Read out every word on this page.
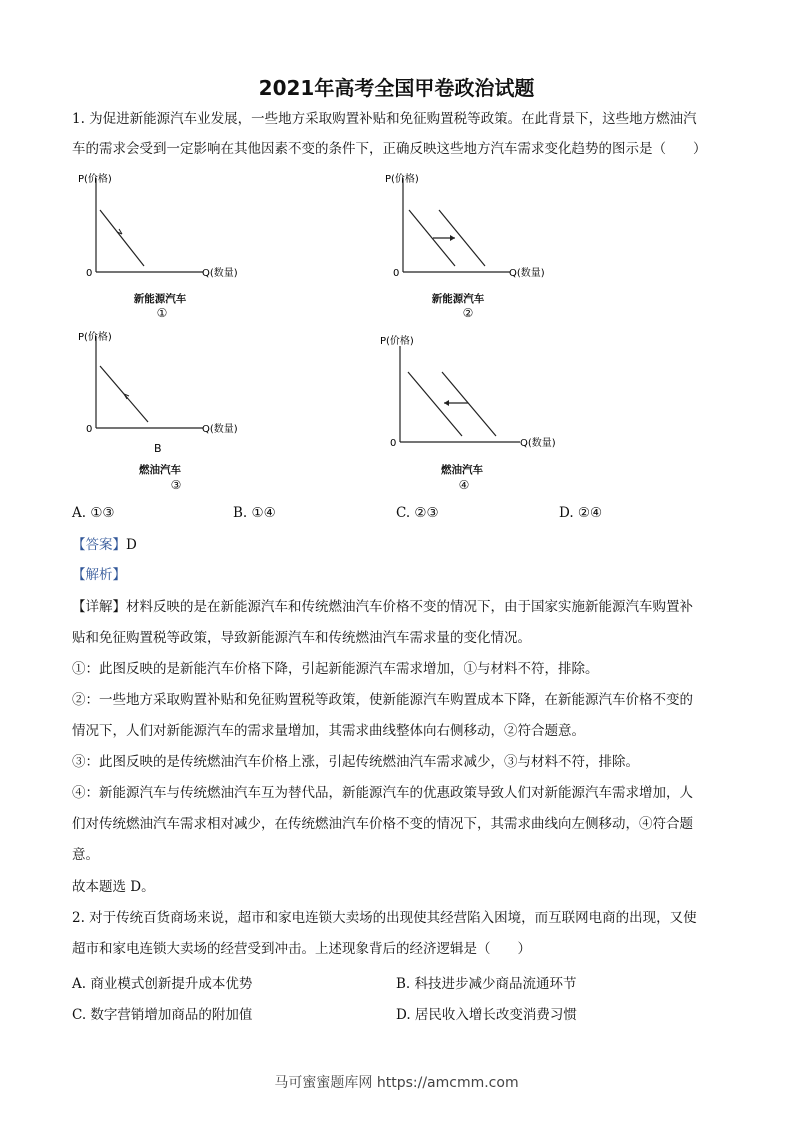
2021年高考全国甲卷政治试题
1. 为促进新能源汽车业发展，一些地方采取购置补贴和免征购置税等政策。在此背景下，这些地方燃油汽
车的需求会受到一定影响在其他因素不变的条件下，正确反映这些地方汽车需求变化趋势的图示是（　　）
P(价格)
0	Q(数量)
新能源汽车
①
P(价格)
0	Q(数量)
新能源汽车
②
P(价格)
0	Q(数量)
B
燃油汽车
③
P(价格)
0	Q(数量)
燃油汽车
④
A. ①③	B. ①④	C. ②③	D. ②④
【答案】D
【解析】
【详解】材料反映的是在新能源汽车和传统燃油汽车价格不变的情况下，由于国家实施新能源汽车购置补
贴和免征购置税等政策，导致新能源汽车和传统燃油汽车需求量的变化情况。
①：此图反映的是新能汽车价格下降，引起新能源汽车需求增加，①与材料不符，排除。
②：一些地方采取购置补贴和免征购置税等政策，使新能源汽车购置成本下降，在新能源汽车价格不变的
情况下，人们对新能源汽车的需求量增加，其需求曲线整体向右侧移动，②符合题意。
③：此图反映的是传统燃油汽车价格上涨，引起传统燃油汽车需求减少，③与材料不符，排除。
④：新能源汽车与传统燃油汽车互为替代品，新能源汽车的优惠政策导致人们对新能源汽车需求增加，人
们对传统燃油汽车需求相对减少，在传统燃油汽车价格不变的情况下，其需求曲线向左侧移动，④符合题
意。
故本题选 D。
2. 对于传统百货商场来说，超市和家电连锁大卖场的出现使其经营陷入困境，而互联网电商的出现，又使
超市和家电连锁大卖场的经营受到冲击。上述现象背后的经济逻辑是（　　）
A. 商业模式创新提升成本优势	B. 科技进步减少商品流通环节
C. 数字营销增加商品的附加值	D. 居民收入增长改变消费习惯
马可蜜蜜题库网 https://amcmm.com
